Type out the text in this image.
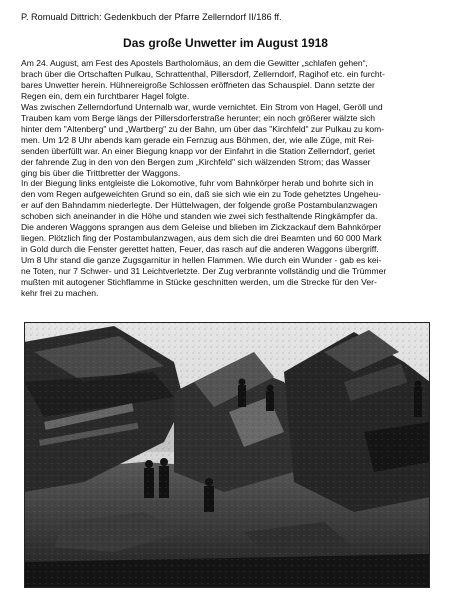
P. Romuald Dittrich: Gedenkbuch der Pfarre Zellerndorf II/186 ff.
Das große Unwetter im August 1918

Am 24. August, am Fest des Apostels Bartholomäus, an dem die Gewitter „schlafen gehen“,

brach über die Ortschaften Pulkau, Schrattenthal, Pillersdorf, Zellerndorf, Ragihof etc. ein furcht-

bares Unwetter herein. Hühnereigroße Schlossen eröffneten das Schauspiel. Dann setzte der

Regen ein, dem ein furchtbarer Hagel folgte.

Was zwischen Zellerndorfund Unternalb war, wurde vernichtet. Ein Strom von Hagel, Geröll und

Trauben kam vom Berge längs der Pillersdorferstraße herunter; ein noch größerer wälzte sich

hinter dem "Altenberg" und „Wartberg" zu der Bahn, um über das "Kirchfeld" zur Pulkau zu kom-

men. Um 1⁄2 8 Uhr abends kam gerade ein Fernzug aus Böhmen, der, wie alle Züge, mit Rei-

senden überfüllt war. An einer Biegung knapp vor der Einfahrt in die Station Zellerndorf, geriet

der fahrende Zug in den von den Bergen zum „Kirchfeld" sich wälzenden Strom; das Wasser

ging bis über die Trittbretter der Waggons.

In der Biegung links entgleiste die Lokomotive, fuhr vom Bahnkörper herab und bohrte sich in

den vom Regen aufgeweichten Grund so ein, daß sie sich wie ein zu Tode gehetztes Ungeheu-

er auf den Bahndamm niederlegte. Der Hüttelwagen, der folgende große Postambulanzwagen

schoben sich aneinander in die Höhe und standen wie zwei sich festhaltende Ringkämpfer da.

Die anderen Waggons sprangen aus dem Geleise und blieben im Zickzackauf dem Bahnkörper

liegen. Plötzlich fing der Postambulanzwagen, aus dem sich die drei Beamten und 60 000 Mark

in Gold durch die Fenster gerettet hatten, Feuer, das rasch auf die anderen Waggons übergriff.

Um 8 Uhr stand die ganze Zugsgarnitur in hellen Flammen. Wie durch ein Wunder - gab es kei-

ne Toten, nur 7 Schwer- und 31 Leichtverletzte. Der Zug verbrannte vollständig und die Trümmer

mußten mit autogener Stichflamme in Stücke geschnitten werden, um die Strecke für den Ver-

kehr frei zu machen.
